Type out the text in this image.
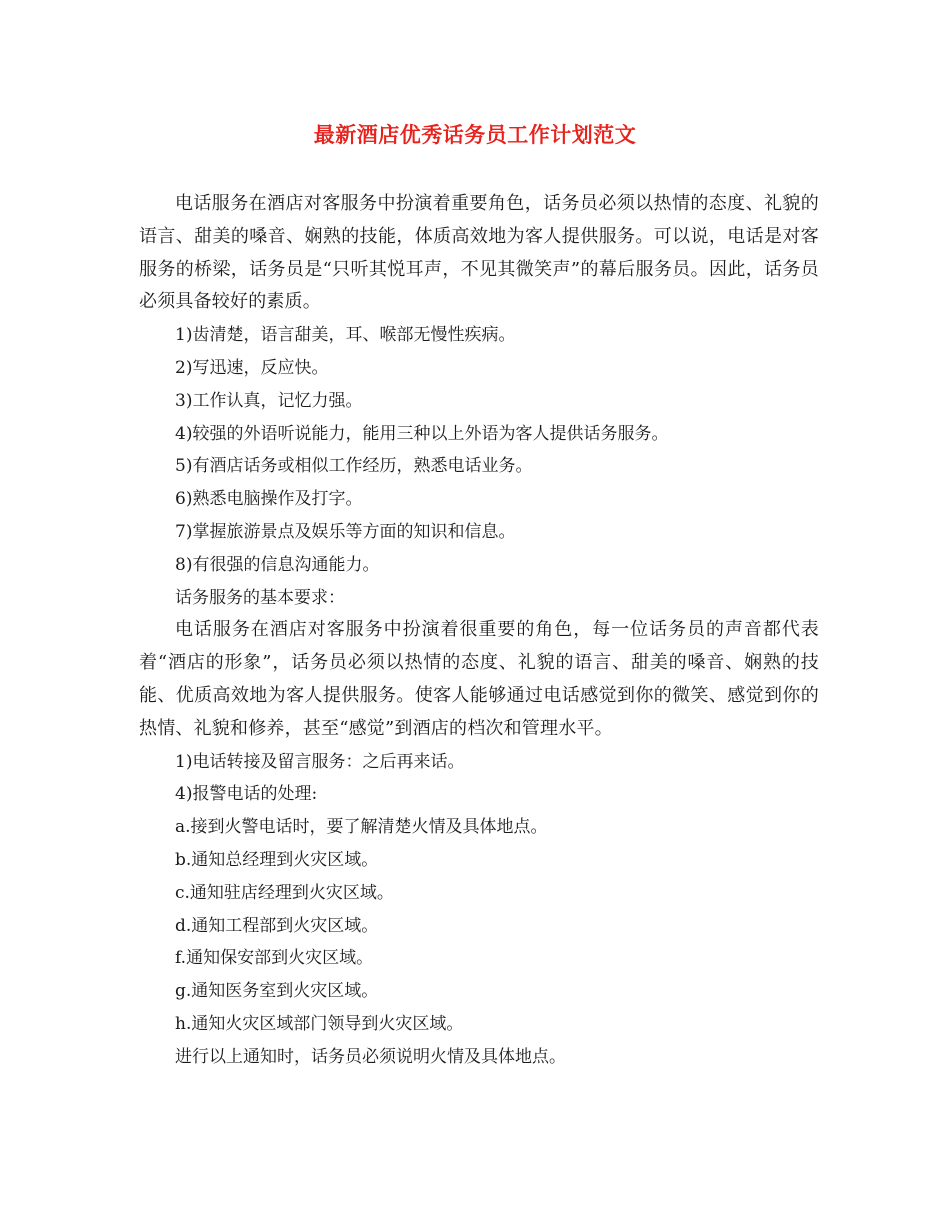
最新酒店优秀话务员工作计划范文

电话服务在酒店对客服务中扮演着重要角色，话务员必须以热情的态度、礼貌的语言、甜美的嗓音、娴熟的技能，体质高效地为客人提供服务。可以说，电话是对客服务的桥梁，话务员是“只听其悦耳声，不见其微笑声”的幕后服务员。因此，话务员必须具备较好的素质。

1)齿清楚，语言甜美，耳、喉部无慢性疾病。
2)写迅速，反应快。
3)工作认真，记忆力强。
4)较强的外语听说能力，能用三种以上外语为客人提供话务服务。
5)有酒店话务或相似工作经历，熟悉电话业务。
6)熟悉电脑操作及打字。
7)掌握旅游景点及娱乐等方面的知识和信息。
8)有很强的信息沟通能力。
话务服务的基本要求：

电话服务在酒店对客服务中扮演着很重要的角色，每一位话务员的声音都代表着“酒店的形象”，话务员必须以热情的态度、礼貌的语言、甜美的嗓音、娴熟的技能、优质高效地为客人提供服务。使客人能够通过电话感觉到你的微笑、感觉到你的热情、礼貌和修养，甚至“感觉”到酒店的档次和管理水平。

1)电话转接及留言服务：之后再来话。
4)报警电话的处理:
a.接到火警电话时，要了解清楚火情及具体地点。
b.通知总经理到火灾区域。
c.通知驻店经理到火灾区域。
d.通知工程部到火灾区域。
f.通知保安部到火灾区域。
g.通知医务室到火灾区域。
h.通知火灾区域部门领导到火灾区域。
进行以上通知时，话务员必须说明火情及具体地点。
